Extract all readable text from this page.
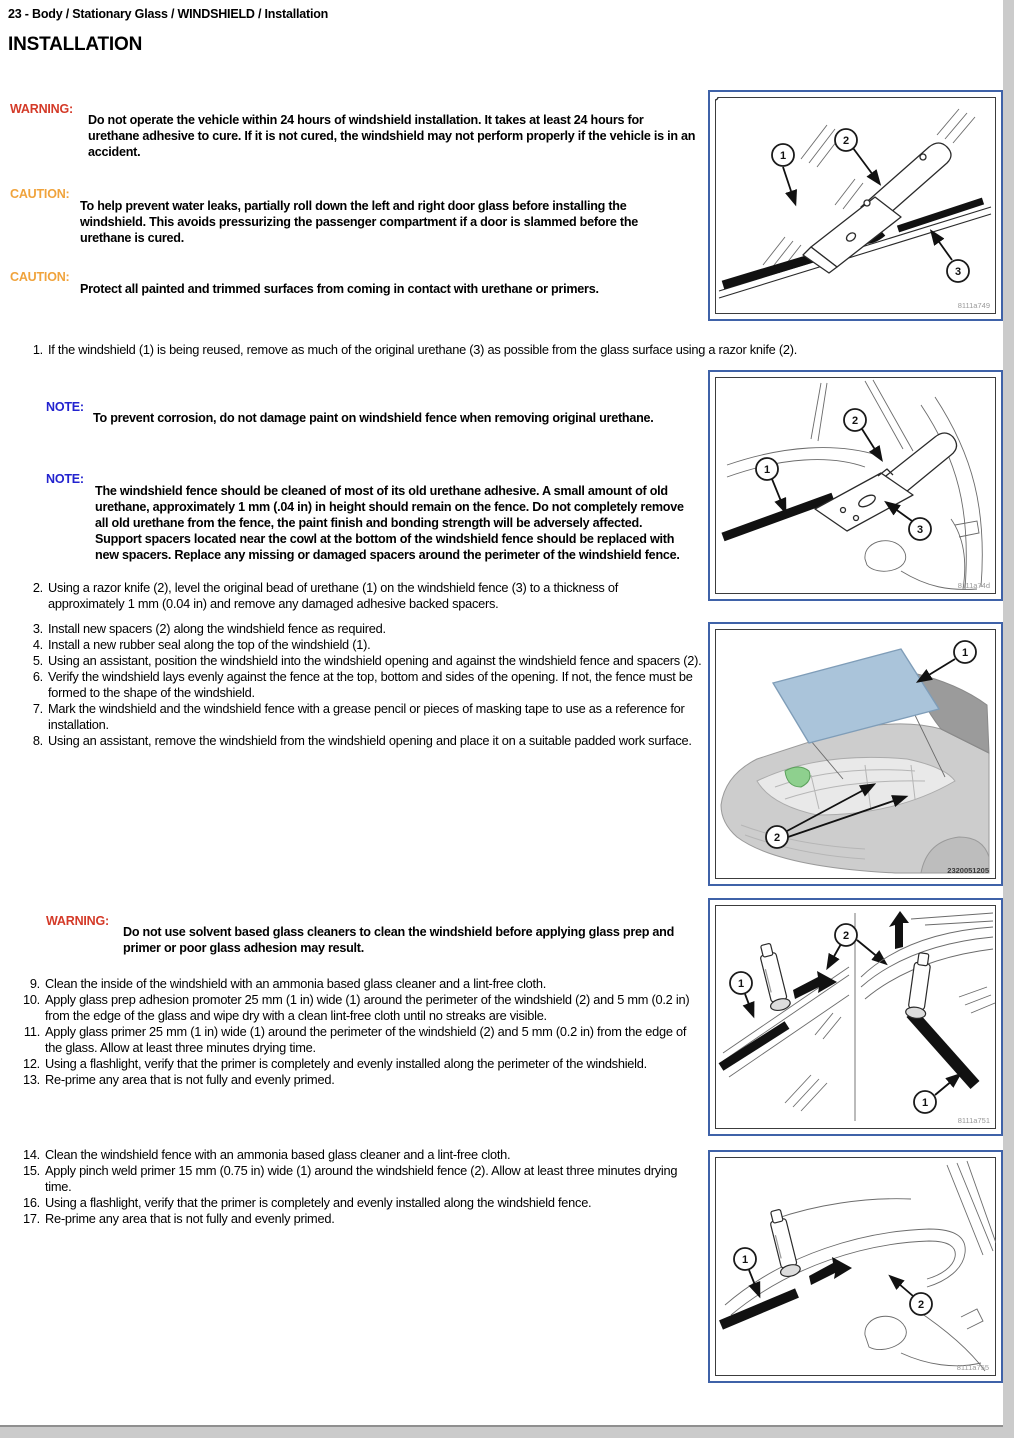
23 - Body / Stationary Glass / WINDSHIELD / Installation
INSTALLATION
WARNING:
Do not operate the vehicle within 24 hours of windshield installation. It takes at least 24 hours for urethane adhesive to cure. If it is not cured, the windshield may not perform properly if the vehicle is in an accident.
CAUTION:
To help prevent water leaks, partially roll down the left and right door glass before installing the windshield. This avoids pressurizing the passenger compartment if a door is slammed before the urethane is cured.
CAUTION:
Protect all painted and trimmed surfaces from coming in contact with urethane or primers.
1. If the windshield (1) is being reused, remove as much of the original urethane (3) as possible from the glass surface using a razor knife (2).
NOTE:
To prevent corrosion, do not damage paint on windshield fence when removing original urethane.
NOTE:
The windshield fence should be cleaned of most of its old urethane adhesive. A small amount of old urethane, approximately 1 mm (.04 in) in height should remain on the fence. Do not completely remove all old urethane from the fence, the paint finish and bonding strength will be adversely affected. Support spacers located near the cowl at the bottom of the windshield fence should be replaced with new spacers. Replace any missing or damaged spacers around the perimeter of the windshield fence.
2. Using a razor knife (2), level the original bead of urethane (1) on the windshield fence (3) to a thickness of approximately 1 mm (0.04 in) and remove any damaged adhesive backed spacers.
3. Install new spacers (2) along the windshield fence as required.
4. Install a new rubber seal along the top of the windshield (1).
5. Using an assistant, position the windshield into the windshield opening and against the windshield fence and spacers (2).
6. Verify the windshield lays evenly against the fence at the top, bottom and sides of the opening. If not, the fence must be formed to the shape of the windshield.
7. Mark the windshield and the windshield fence with a grease pencil or pieces of masking tape to use as a reference for installation.
8. Using an assistant, remove the windshield from the windshield opening and place it on a suitable padded work surface.
WARNING:
Do not use solvent based glass cleaners to clean the windshield before applying glass prep and primer or poor glass adhesion may result.
9. Clean the inside of the windshield with an ammonia based glass cleaner and a lint-free cloth.
10. Apply glass prep adhesion promoter 25 mm (1 in) wide (1) around the perimeter of the windshield (2) and 5 mm (0.2 in) from the edge of the glass and wipe dry with a clean lint-free cloth until no streaks are visible.
11. Apply glass primer 25 mm (1 in) wide (1) around the perimeter of the windshield (2) and 5 mm (0.2 in) from the edge of the glass. Allow at least three minutes drying time.
12. Using a flashlight, verify that the primer is completely and evenly installed along the perimeter of the windshield.
13. Re-prime any area that is not fully and evenly primed.
14. Clean the windshield fence with an ammonia based glass cleaner and a lint-free cloth.
15. Apply pinch weld primer 15 mm (0.75 in) wide (1) around the windshield fence (2). Allow at least three minutes drying time.
16. Using a flashlight, verify that the primer is completely and evenly installed along the windshield fence.
17. Re-prime any area that is not fully and evenly primed.
1
2
3
8111a749
1
2
3
8111a74d
1
2
2320051205
1
2
1
8111a751
1
2
8111a755
